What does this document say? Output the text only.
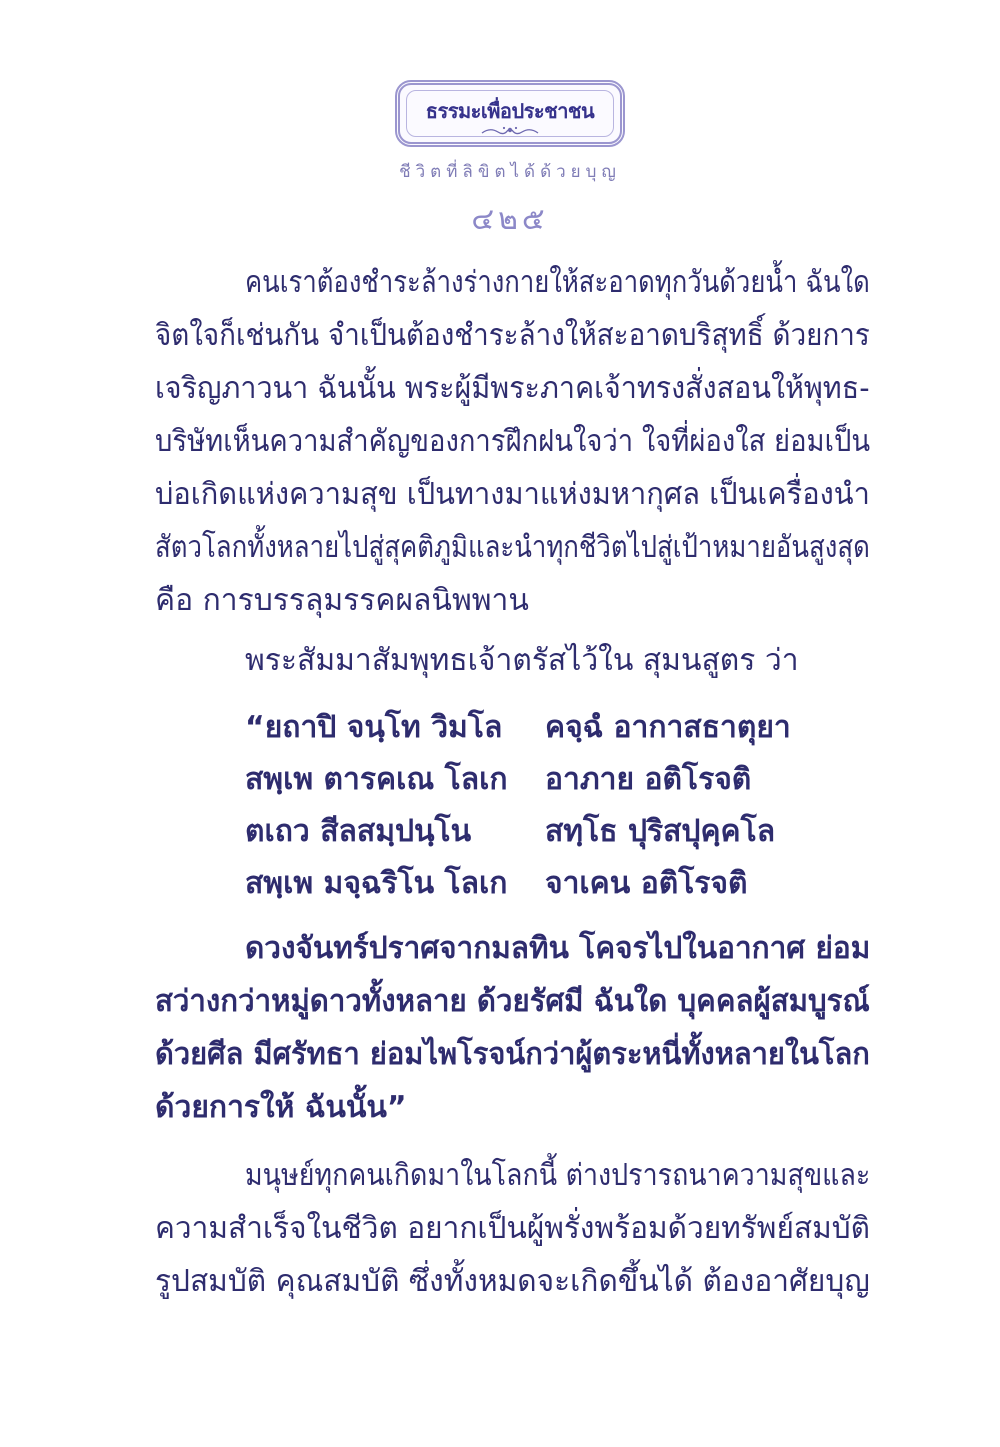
ธรรมะเพื่อประชาชน
ชีวิตที่ลิขิตได้ด้วยบุญ
๔๒๕
คนเราต้องชำระล้างร่างกายให้สะอาดทุกวันด้วยน้ำ ฉันใด
จิตใจก็เช่นกัน จำเป็นต้องชำระล้างให้สะอาดบริสุทธิ์ ด้วยการ
เจริญภาวนา ฉันนั้น พระผู้มีพระภาคเจ้าทรงสั่งสอนให้พุทธ-
บริษัทเห็นความสำคัญของการฝึกฝนใจว่า ใจที่ผ่องใส ย่อมเป็น
บ่อเกิดแห่งความสุข เป็นทางมาแห่งมหากุศล เป็นเครื่องนำ
สัตวโลกทั้งหลายไปสู่สุคติภูมิและนำทุกชีวิตไปสู่เป้าหมายอันสูงสุด
คือ การบรรลุมรรคผลนิพพาน
พระสัมมาสัมพุทธเจ้าตรัสไว้ใน สุมนสูตร ว่า
“ยถาปิ จนฺโท วิมโล คจฺฉํ อากาสธาตุยา
สพฺเพ ตารคเณ โลเก อาภาย อติโรจติ
ตเถว สีลสมฺปนฺโน สทฺโธ ปุริสปุคฺคโล
สพฺเพ มจฺฉริโน โลเก จาเคน อติโรจติ
ดวงจันทร์ปราศจากมลทิน โคจรไปในอากาศ ย่อม
สว่างกว่าหมู่ดาวทั้งหลาย ด้วยรัศมี ฉันใด บุคคลผู้สมบูรณ์
ด้วยศีล มีศรัทธา ย่อมไพโรจน์กว่าผู้ตระหนี่ทั้งหลายในโลก
ด้วยการให้ ฉันนั้น”
มนุษย์ทุกคนเกิดมาในโลกนี้ ต่างปรารถนาความสุขและ
ความสำเร็จในชีวิต อยากเป็นผู้พรั่งพร้อมด้วยทรัพย์สมบัติ
รูปสมบัติ คุณสมบัติ ซึ่งทั้งหมดจะเกิดขึ้นได้ ต้องอาศัยบุญ
